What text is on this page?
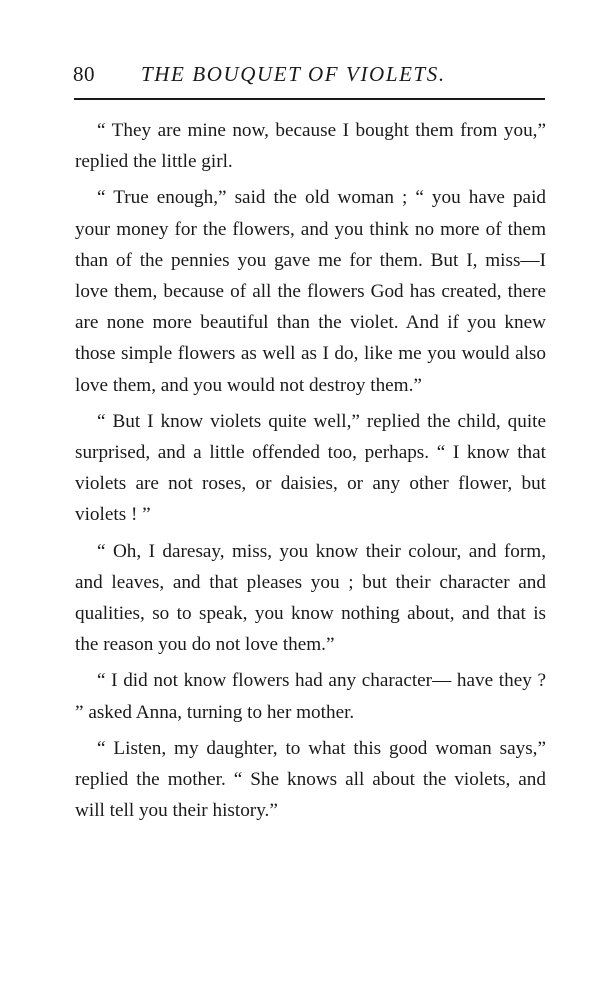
80 THE BOUQUET OF VIOLETS.

“ They are mine now, because I bought them from you,” replied the little girl.

“ True enough,” said the old woman ; “ you have paid your money for the flowers, and you think no more of them than of the pennies you gave me for them. But I, miss—I love them, because of all the flowers God has created, there are none more beautiful than the violet. And if you knew those simple flowers as well as I do, like me you would also love them, and you would not destroy them.”

“ But I know violets quite well,” replied the child, quite surprised, and a little offended too, perhaps. “ I know that violets are not roses, or daisies, or any other flower, but violets ! ”

“ Oh, I daresay, miss, you know their colour, and form, and leaves, and that pleases you ; but their character and qualities, so to speak, you know nothing about, and that is the reason you do not love them.”

“ I did not know flowers had any character— have they ? ” asked Anna, turning to her mother.

“ Listen, my daughter, to what this good woman says,” replied the mother. “ She knows all about the violets, and will tell you their history.”
